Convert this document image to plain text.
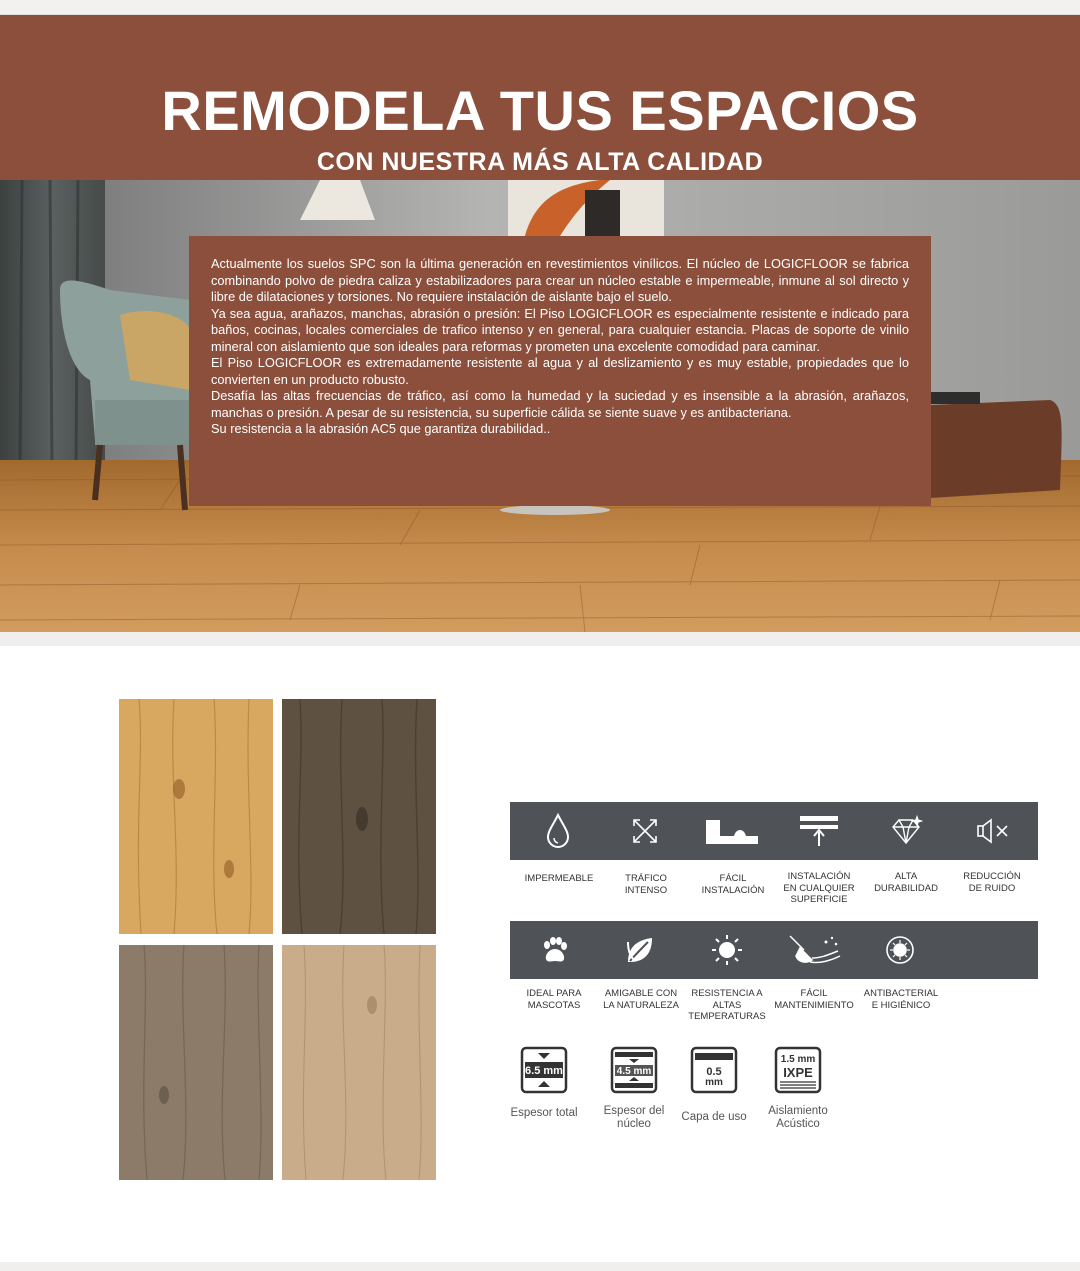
REMODELA TUS ESPACIOS
CON NUESTRA MÁS ALTA CALIDAD

Actualmente los suelos SPC son la última generación en revestimientos vinílicos. El núcleo de LOGICFLOOR se fabrica combinando polvo de piedra caliza y estabilizadores para crear un núcleo estable e impermeable, inmune al sol directo y libre de dilataciones y torsiones. No requiere instalación de aislante bajo el suelo.

Ya sea agua, arañazos, manchas, abrasión o presión: El Piso LOGICFLOOR es especialmente resistente e indicado para baños, cocinas, locales comerciales de trafico intenso y en general, para cualquier estancia. Placas de soporte de vinilo mineral con aislamiento que son ideales para reformas y prometen una excelente comodidad para caminar.

El Piso LOGICFLOOR es extremadamente resistente al agua y al deslizamiento y es muy estable, propiedades que lo convierten en un producto robusto.

Desafía las altas frecuencias de tráfico, así como la humedad y la suciedad y es insensible a la abrasión, arañazos, manchas o presión. A pesar de su resistencia, su superficie cálida se siente suave y es antibacteriana.

Su resistencia a la abrasión AC5 que garantiza durabilidad..

IMPERMEABLE	TRÁFICO INTENSO
FÁCIL INSTALACIÓN
INSTALACIÓN EN CUALQUIER SUPERFICIE
ALTA DURABILIDAD
REDUCCIÓN DE RUIDO
IDEAL PARA MASCOTAS
AMIGABLE CON LA NATURALEZA
RESISTENCIA A ALTAS TEMPERATURAS
FÁCIL MANTENIMIENTO
ANTIBACTERIAL E HIGIÉNICO
6.5 mm
Espesor total
4.5 mm
Espesor del núcleo
0.5
mm
Capa de uso
1.5 mm
IXPE
Aislamiento Acústico
